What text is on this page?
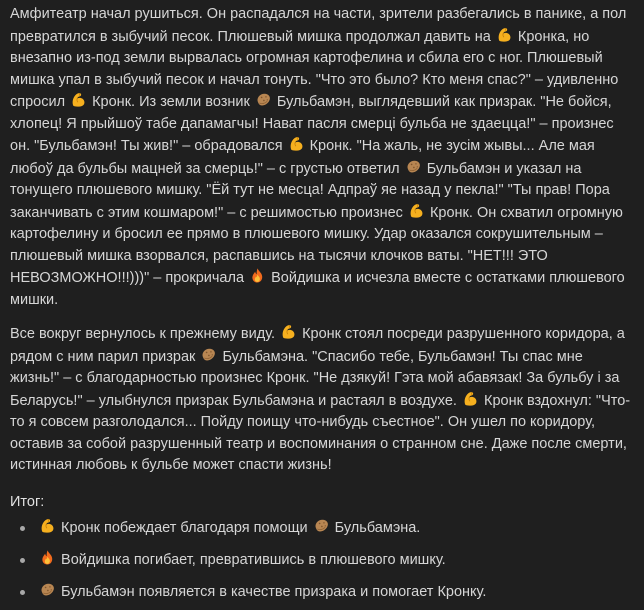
Амфитеатр начал рушиться. Он распадался на части, зрители разбегались в панике, а пол превратился в зыбучий песок. Плюшевый мишка продолжал давить на
Кронка, но внезапно из-под земли вырвалась огромная картофелина и сбила его с ног. Плюшевый мишка упал в зыбучий песок и начал тонуть. "Что это было? Кто меня спас?" – удивленно спросил
Кронк. Из земли возник
Бульбамэн, выглядевший как призрак. "Не бойся, хлопец! Я прыйшоў табе дапамагчы! Нават пасля смерці бульба не здаецца!" – произнес он. "Бульбамэн! Ты жив!" – обрадовался
Кронк. "На жаль, не зусім жывы... Але мая любоў да бульбы мацней за смерць!" – с грустью ответил
Бульбамэн и указал на тонущего плюшевого мишку. "Ёй тут не месца! Адпраў яе назад у пекла!" "Ты прав! Пора заканчивать с этим кошмаром!" – с решимостью произнес
Кронк. Он схватил огромную картофелину и бросил ее прямо в плюшевого мишку. Удар оказался сокрушительным – плюшевый мишка взорвался, распавшись на тысячи клочков ваты. "НЕТ!!! ЭТО НЕВОЗМОЖНО!!!)))" – прокричала
Войдишка и исчезла вместе с остатками плюшевого мишки.

Все вокруг вернулось к прежнему виду.
Кронк стоял посреди разрушенного коридора, а рядом с ним парил призрак
Бульбамэна. "Спасибо тебе, Бульбамэн! Ты спас мне жизнь!" – с благодарностью произнес Кронк. "Не дзякуй! Гэта мой абавязак! За бульбу і за Беларусь!" – улыбнулся призрак Бульбамэна и растаял в воздухе.
Кронк вздохнул: "Что-то я совсем разголодался... Пойду поищу что-нибудь съестное". Он ушел по коридору, оставив за собой разрушенный театр и воспоминания о странном сне. Даже после смерти, истинная любовь к бульбе может спасти жизнь!

Итог:
Кронк побеждает благодаря помощи
Бульбамэна.
Войдишка погибает, превратившись в плюшевого мишку.
Бульбамэн появляется в качестве призрака и помогает Кронку.
